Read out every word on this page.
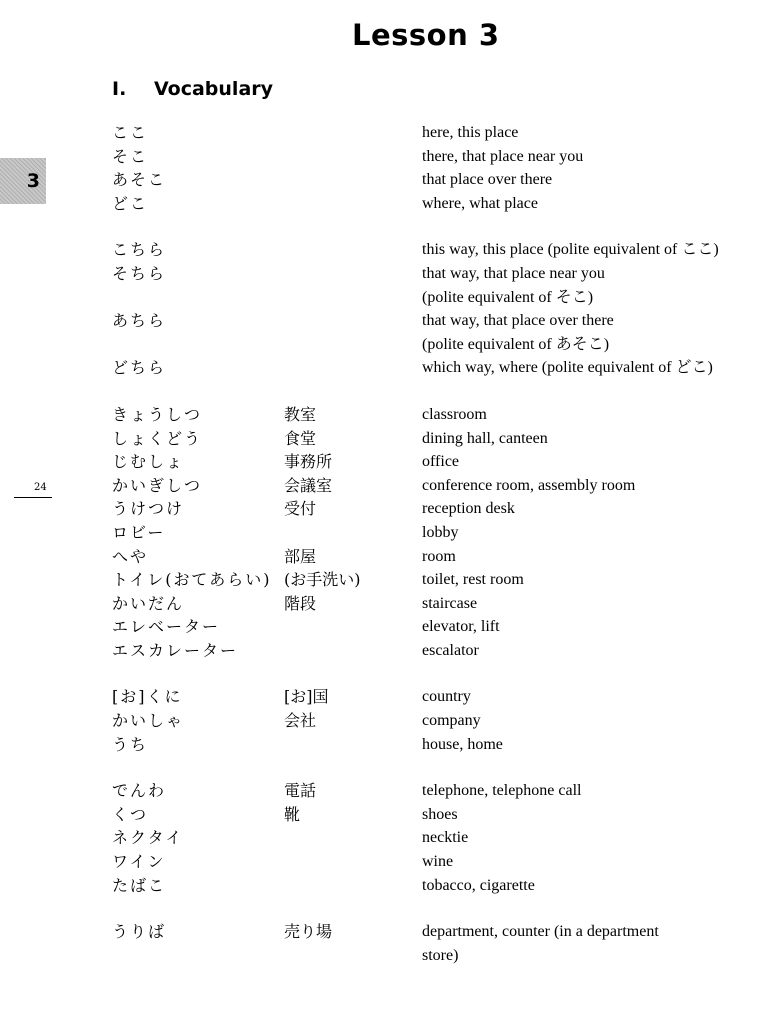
Lesson 3
I. Vocabulary
3
24
ここ	here, this place
そこ	there, that place near you
あそこ	that place over there
どこ	where, what place
こちら	this way, this place (polite equivalent of ここ)
そちら	that way, that place near you
(polite equivalent of そこ)
あちら	that way, that place over there
(polite equivalent of あそこ)
どちら	which way, where (polite equivalent of どこ)
きょうしつ	教室	classroom
しょくどう	食堂	dining hall, canteen
じむしょ	事務所	office
かいぎしつ	会議室	conference room, assembly room
うけつけ	受付	reception desk
ロビー	lobby
へや	部屋	room
トイレ(おてあらい) (お手洗い)	toilet, rest room
かいだん	階段	staircase
エレベーター	elevator, lift
エスカレーター	escalator
[お]くに	[お]国	country
かいしゃ	会社	company
うち	house, home
でんわ	電話	telephone, telephone call
くつ	靴	shoes
ネクタイ	necktie
ワイン	wine
たばこ	tobacco, cigarette
うりば	売り場	department, counter (in a department
store)
